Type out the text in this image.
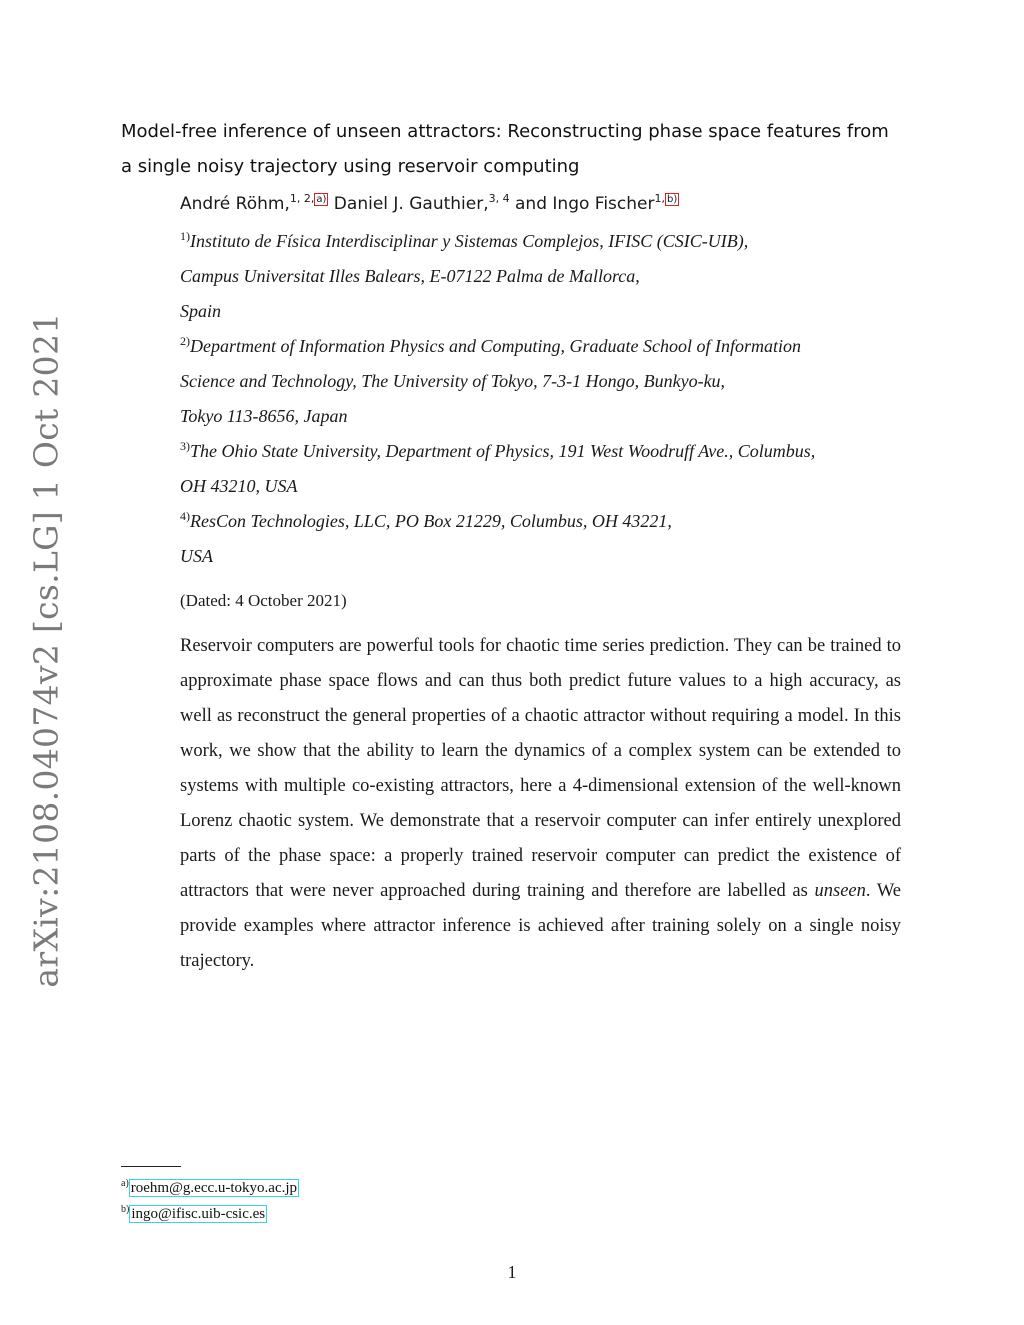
arXiv:2108.04074v2 [cs.LG] 1 Oct 2021
Model-free inference of unseen attractors: Reconstructing phase space features from a single noisy trajectory using reservoir computing
André Röhm,$^{1, 2,}$ $^{a)}$ Daniel J. Gauthier,$^{3, 4}$ and Ingo Fischer$^{1,}$ $^{b)}$
$^{1)}$Instituto de Física Interdisciplinar y Sistemas Complejos, IFISC (CSIC-UIB),
Campus Universitat Illes Balears, E-07122 Palma de Mallorca,
Spain
$^{2)}$Department of Information Physics and Computing, Graduate School of Information
Science and Technology, The University of Tokyo, 7-3-1 Hongo, Bunkyo-ku,
Tokyo 113-8656, Japan
$^{3)}$The Ohio State University, Department of Physics, 191 West Woodruff Ave., Columbus,
OH 43210, USA
$^{4)}$ResCon Technologies, LLC, PO Box 21229, Columbus, OH 43221,
USA
(Dated: 4 October 2021)
Reservoir computers are powerful tools for chaotic time series prediction. They can be trained to approximate phase space flows and can thus both predict future values to a high accuracy, as well as reconstruct the general properties of a chaotic attractor without requiring a model. In this work, we show that the ability to learn the dynamics of a complex system can be extended to systems with multiple co-existing attractors, here a 4-dimensional extension of the well-known Lorenz chaotic system. We demonstrate that a reservoir computer can infer entirely unexplored parts of the phase space: a properly trained reservoir computer can predict the existence of attractors that were never approached during training and therefore are labelled as unseen. We provide examples where attractor inference is achieved after training solely on a single noisy trajectory.
$^{a)}$ roehm@g.ecc.u-tokyo.ac.jp
$^{b)}$ ingo@ifisc.uib-csic.es
1
